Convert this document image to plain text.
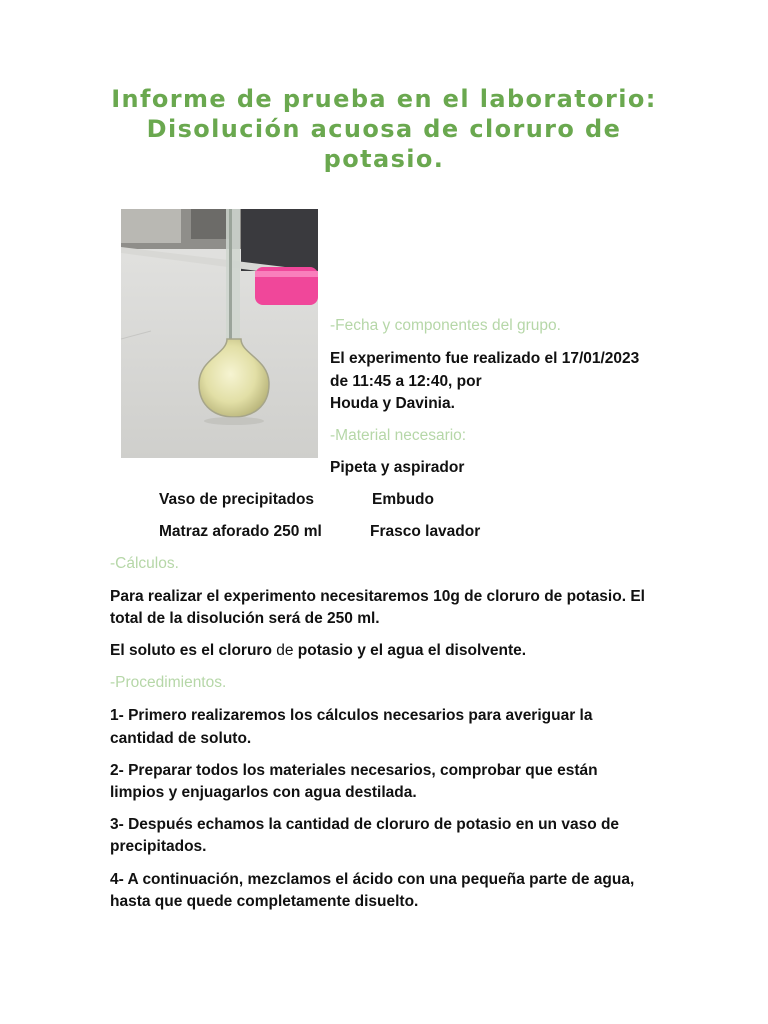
Informe de prueba en el laboratorio: Disolución acuosa de cloruro de potasio.

-Fecha y componentes del grupo.

El experimento fue realizado el 17/01/2023

de 11:45 a 12:40, por

Houda y Davinia.

-Material necesario:

Pipeta y aspirador

Vaso de precipitados	Embudo

Matraz aforado 250 ml	Frasco lavador

-Cálculos.

Para realizar el experimento necesitaremos 10g de cloruro de potasio. El

total de la disolución será de 250 ml.

El soluto es el cloruro de potasio y el agua el disolvente.

-Procedimientos.

1- Primero realizaremos los cálculos necesarios para averiguar la

cantidad de soluto.

2- Preparar todos los materiales necesarios, comprobar que están

limpios y enjuagarlos con agua destilada.

3- Después echamos la cantidad de cloruro de potasio en un vaso de

precipitados.

4- A continuación, mezclamos el ácido con una pequeña parte de agua,

hasta que quede completamente disuelto.
